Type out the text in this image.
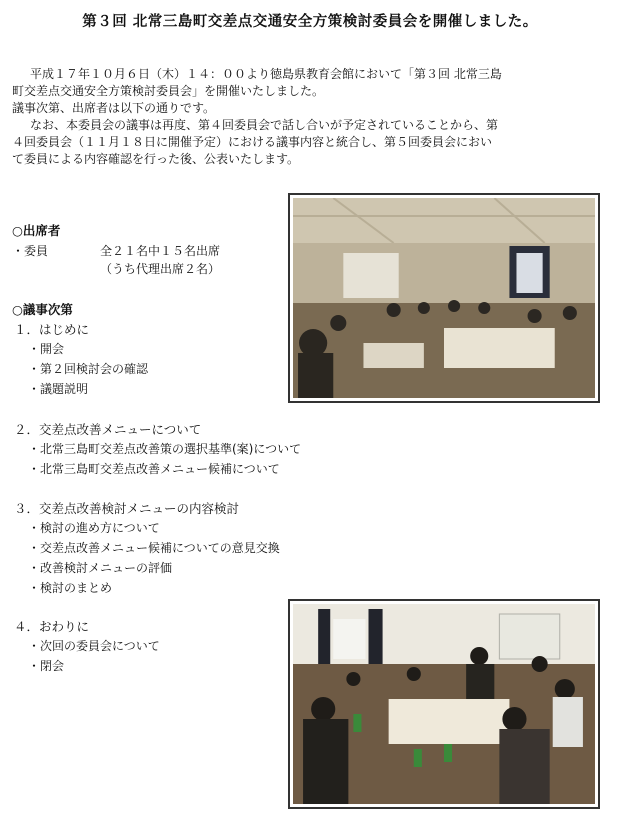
第３回 北常三島町交差点交通安全方策検討委員会を開催しました。
平成１７年１０月６日（木）１４：００より徳島県教育会館において「第３回 北常三島
町交差点交通安全方策検討委員会」を開催いたしました。
議事次第、出席者は以下の通りです。
なお、本委員会の議事は再度、第４回委員会で話し合いが予定されていることから、第
４回委員会（１１月１８日に開催予定）における議事内容と統合し、第５回委員会におい
て委員による内容確認を行った後、公表いたします。
○出席者
・委員	全２１名中１５名出席
（うち代理出席２名）
○議事次第
１．はじめに
・開会
・第２回検討会の確認
・議題説明
２．交差点改善メニューについて
・北常三島町交差点改善策の選択基準(案)について
・北常三島町交差点改善メニュー候補について
３．交差点改善検討メニューの内容検討
・検討の進め方について
・交差点改善メニュー候補についての意見交換
・改善検討メニューの評価
・検討のまとめ
４．おわりに
・次回の委員会について
・閉会
